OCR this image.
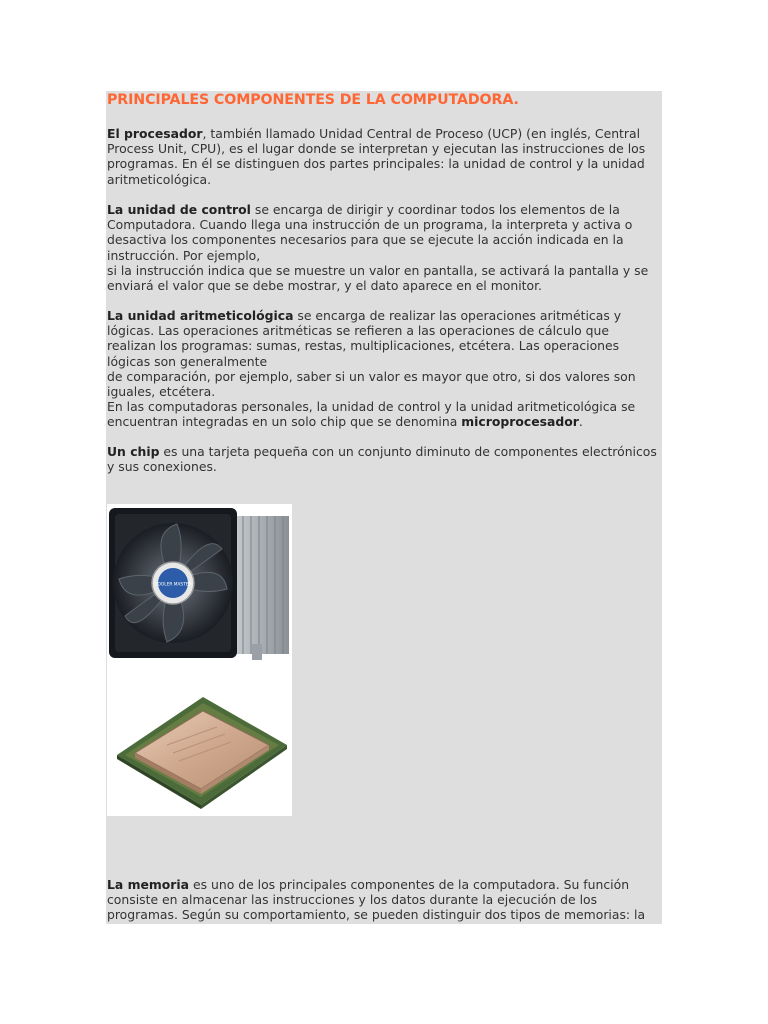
PRINCIPALES COMPONENTES DE LA COMPUTADORA.

El procesador, también llamado Unidad Central de Proceso (UCP) (en inglés, Central Process Unit, CPU), es el lugar donde se interpretan y ejecutan las instrucciones de los programas. En él se distinguen dos partes principales: la unidad de control y la unidad aritmeticológica.

La unidad de control se encarga de dirigir y coordinar todos los elementos de la Computadora. Cuando llega una instrucción de un programa, la interpreta y activa o desactiva los componentes necesarios para que se ejecute la acción indicada en la instrucción. Por ejemplo,
si la instrucción indica que se muestre un valor en pantalla, se activará la pantalla y se enviará el valor que se debe mostrar, y el dato aparece en el monitor.

La unidad aritmeticológica se encarga de realizar las operaciones aritméticas y lógicas. Las operaciones aritméticas se refieren a las operaciones de cálculo que realizan los programas: sumas, restas, multiplicaciones, etcétera. Las operaciones lógicas son generalmente
de comparación, por ejemplo, saber si un valor es mayor que otro, si dos valores son iguales, etcétera.
En las computadoras personales, la unidad de control y la unidad aritmeticológica se encuentran integradas en un solo chip que se denomina microprocesador.

Un chip es una tarjeta pequeña con un conjunto diminuto de componentes electrónicos y sus conexiones.

COOLER MASTER

La memoria es uno de los principales componentes de la computadora. Su función consiste en almacenar las instrucciones y los datos durante la ejecución de los programas. Según su comportamiento, se pueden distinguir dos tipos de memorias: la
